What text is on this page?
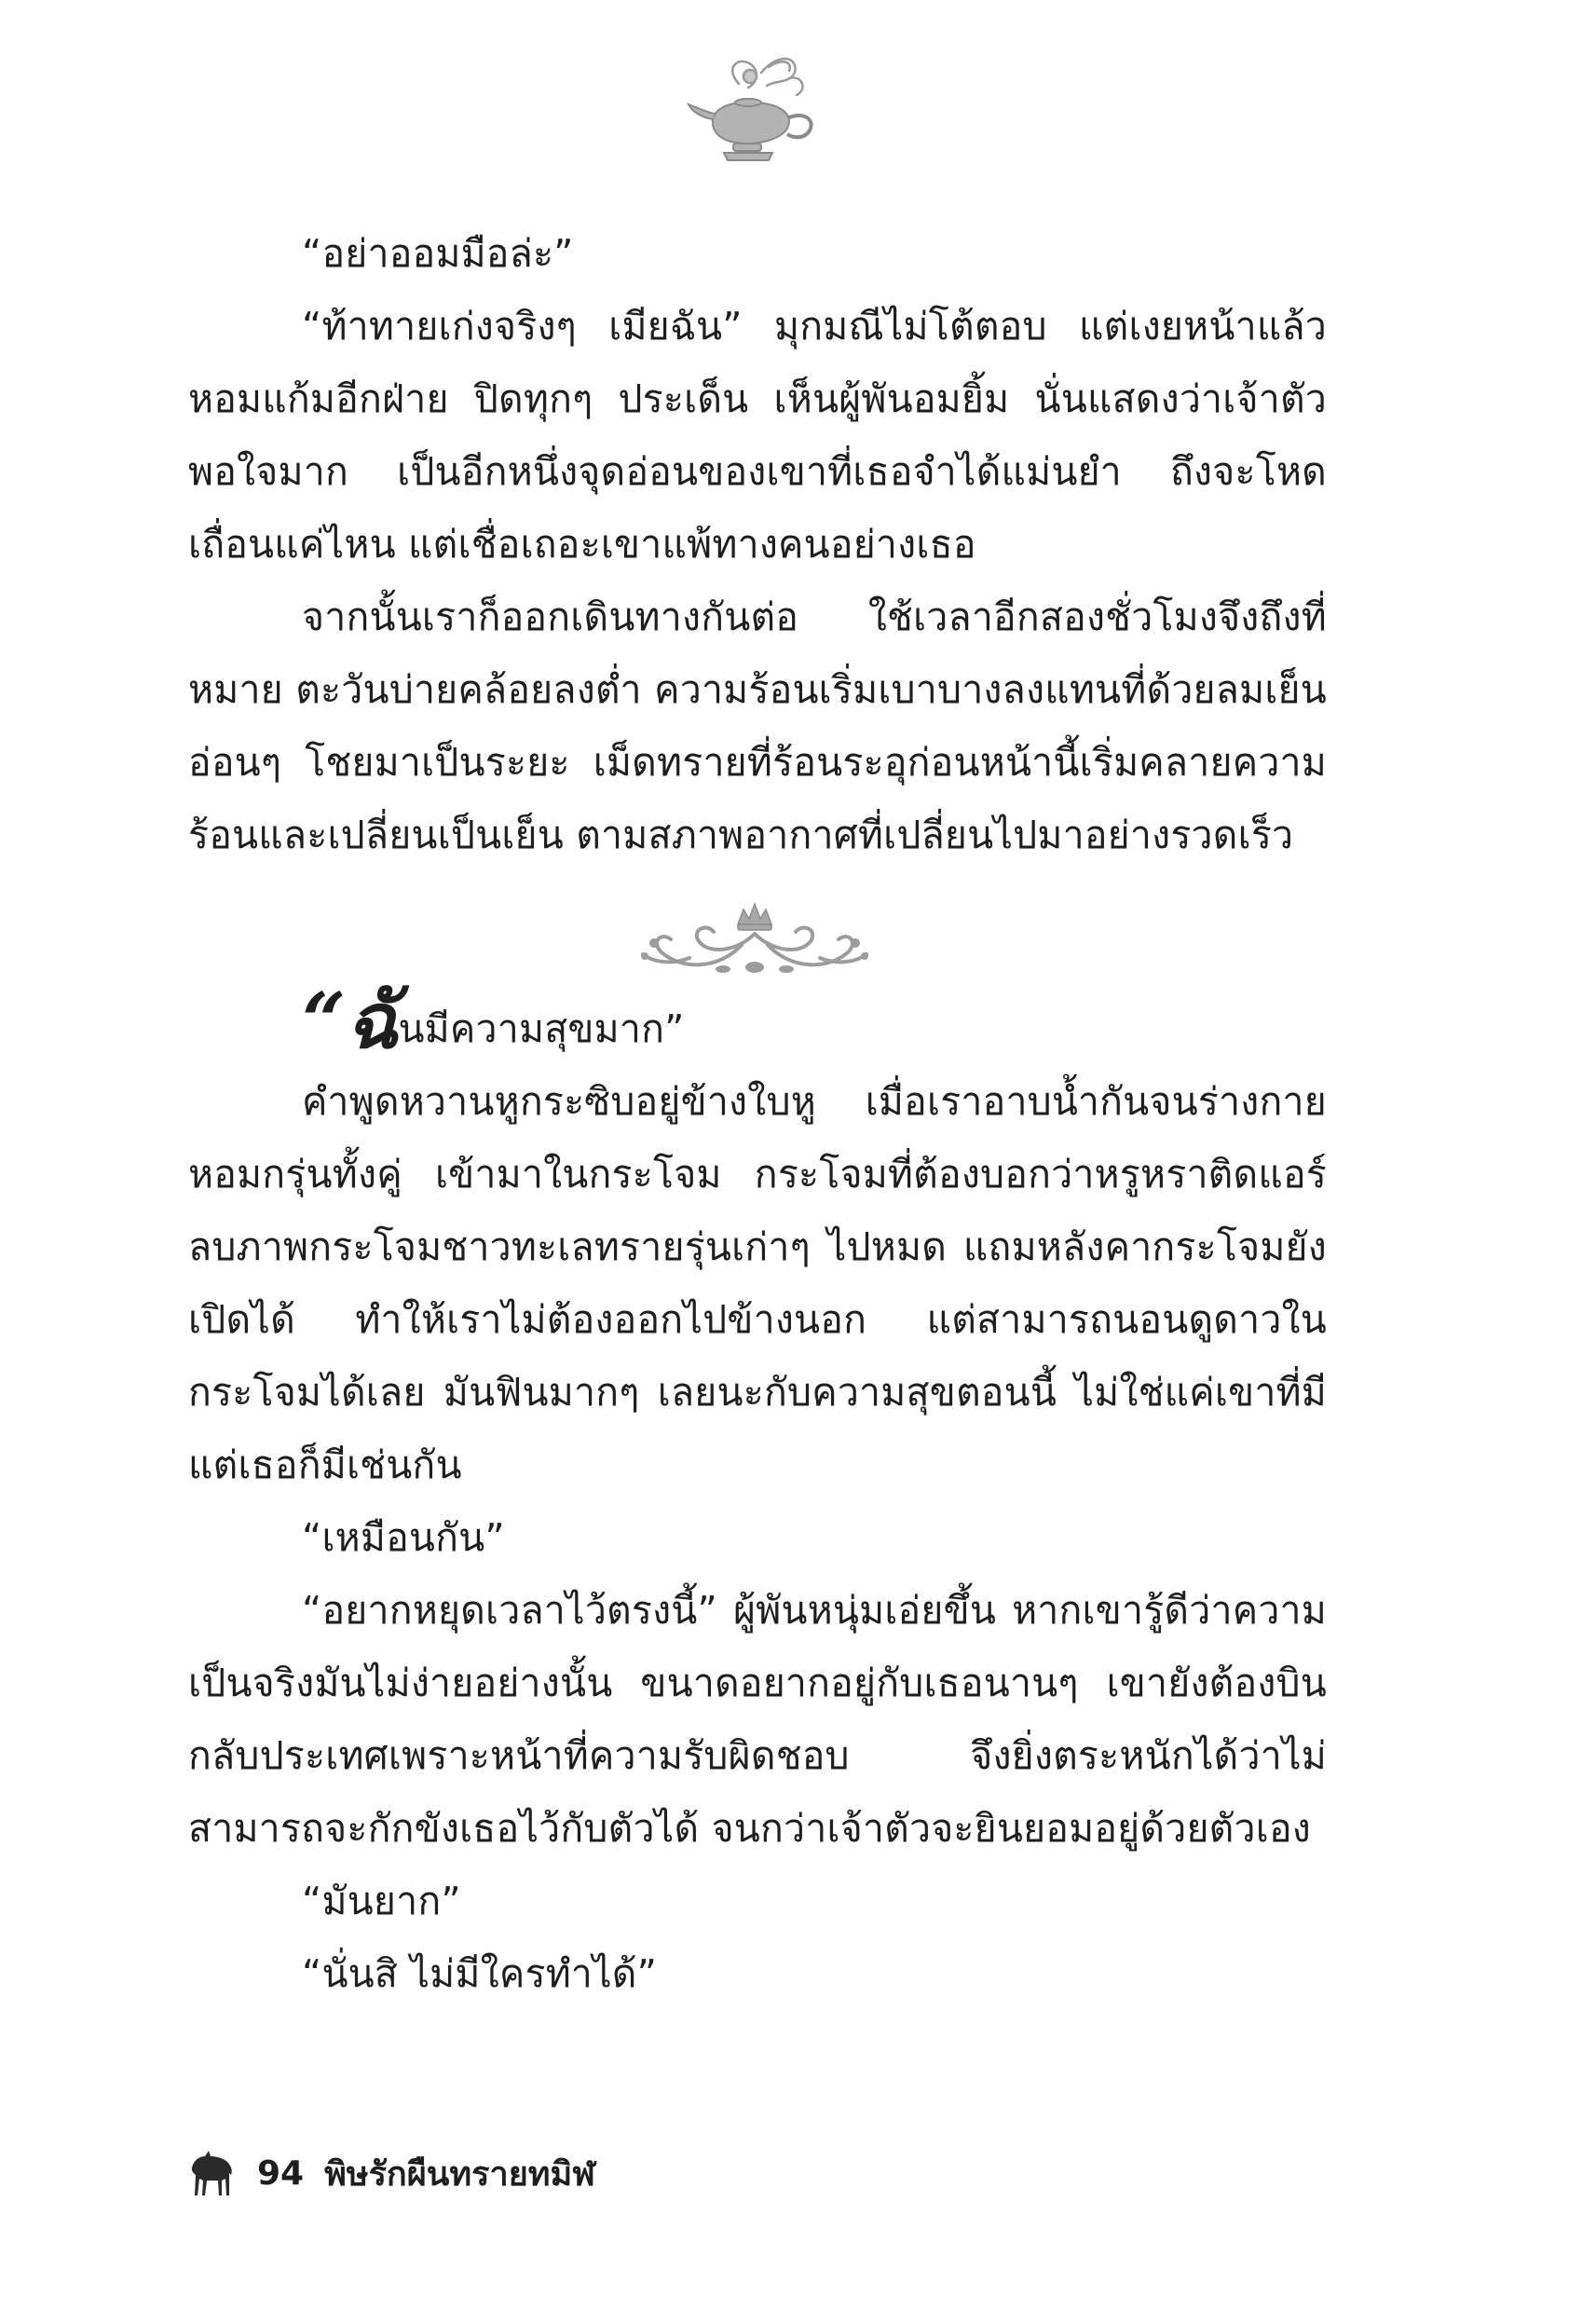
“อย่าออมมือล่ะ”

“ท้าทายเก่งจริงๆ เมียฉัน” มุกมณีไม่โต้ตอบ แต่เงยหน้าแล้วหอมแก้มอีกฝ่าย ปิดทุกๆ ประเด็น เห็นผู้พันอมยิ้ม นั่นแสดงว่าเจ้าตัวพอใจมาก เป็นอีกหนึ่งจุดอ่อนของเขาที่เธอจำได้แม่นยำ ถึงจะโหดเถื่อนแค่ไหน แต่เชื่อเถอะเขาแพ้ทางคนอย่างเธอ

จากนั้นเราก็ออกเดินทางกันต่อ ใช้เวลาอีกสองชั่วโมงจึงถึงที่หมาย ตะวันบ่ายคล้อยลงต่ำ ความร้อนเริ่มเบาบางลงแทนที่ด้วยลมเย็นอ่อนๆ โชยมาเป็นระยะ เม็ดทรายที่ร้อนระอุก่อนหน้านี้เริ่มคลายความร้อนและเปลี่ยนเป็นเย็น ตามสภาพอากาศที่เปลี่ยนไปมาอย่างรวดเร็ว

“ฉันมีความสุขมาก”

คำพูดหวานหูกระซิบอยู่ข้างใบหู เมื่อเราอาบน้ำกันจนร่างกายหอมกรุ่นทั้งคู่ เข้ามาในกระโจม กระโจมที่ต้องบอกว่าหรูหราติดแอร์ ลบภาพกระโจมชาวทะเลทรายรุ่นเก่าๆ ไปหมด แถมหลังคากระโจมยังเปิดได้ ทำให้เราไม่ต้องออกไปข้างนอก แต่สามารถนอนดูดาวในกระโจมได้เลย มันฟินมากๆ เลยนะกับความสุขตอนนี้ ไม่ใช่แค่เขาที่มี แต่เธอก็มีเช่นกัน

“เหมือนกัน”

“อยากหยุดเวลาไว้ตรงนี้” ผู้พันหนุ่มเอ่ยขึ้น หากเขารู้ดีว่าความเป็นจริงมันไม่ง่ายอย่างนั้น ขนาดอยากอยู่กับเธอนานๆ เขายังต้องบินกลับประเทศเพราะหน้าที่ความรับผิดชอบ จึงยิ่งตระหนักได้ว่าไม่สามารถจะกักขังเธอไว้กับตัวได้ จนกว่าเจ้าตัวจะยินยอมอยู่ด้วยตัวเอง

“มันยาก”

“นั่นสิ ไม่มีใครทำได้”

94 พิษรักผืนทรายทมิฬ
